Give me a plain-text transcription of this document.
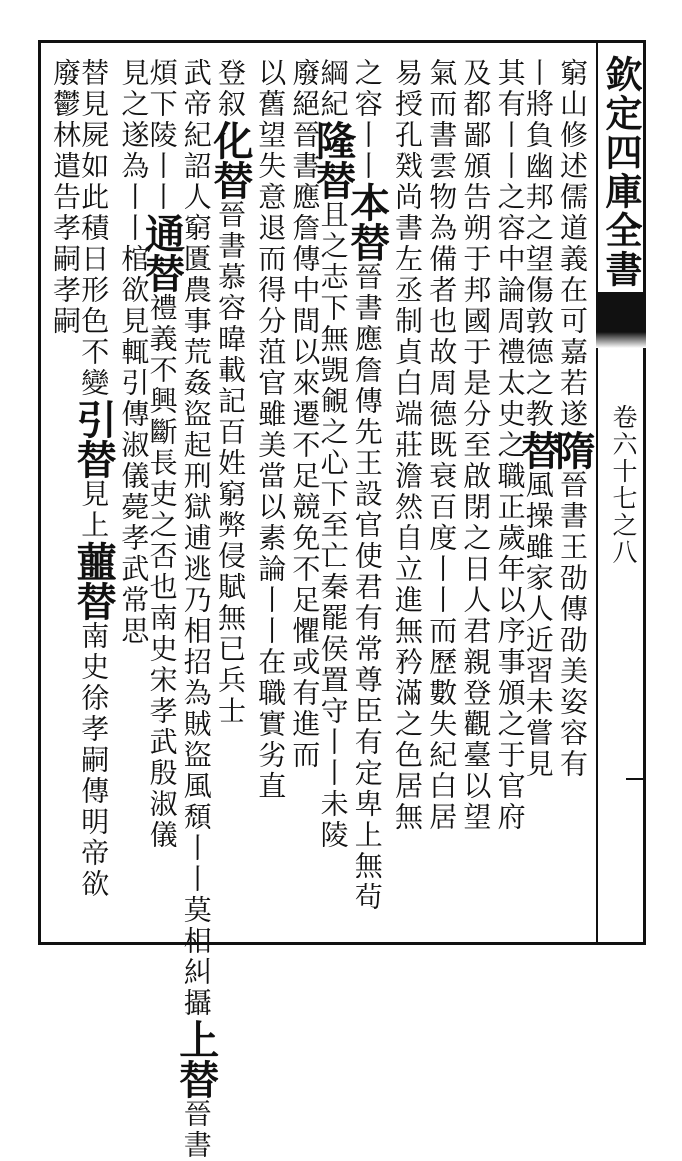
欽定四庫全書
卷六十七之八
窮山修述儒道義在可嘉若遂隋晉書王劭傳劭美姿容有
丨將負幽邦之望傷敦德之教替風操雖家人近習未嘗見
其有丨丨之容中論周禮太史之職正歲年以序事頒之于官府
及都鄙頒告朔于邦國于是分至啟閉之日人君親登觀臺以望
氣而書雲物為備者也故周德既衰百度丨丨而歷數失紀白居
易授孔戣尚書左丞制貞白端莊澹然自立進無矜滿之色居無
之容丨丨本替晉書應詹傳先王設官使君有常尊臣有定卑上無茍
綱紀隆替且之志下無覬覦之心下至亡秦罷侯置守丨丨未陵
廢絕晉書應詹傳中間以來遷不足競免不足懼或有進而
以舊望失意退而得分菹官雖美當以素論丨丨在職實劣直
登叙化替晉書慕容暐載記百姓窮弊侵賦無已兵士
武帝紀詔人窮匱農事荒姦盜起刑獄逋逃乃相招為賊盜風頹丨丨莫相糾攝上替晉書
煩下陵丨丨通替禮義不興斷長吏之否也南史宋孝武殷淑儀
見之遂為丨丨棺欲見輒引傳淑儀薨孝武常思
替見屍如此積日形色不變引替見上蘁替南史徐孝嗣傳明帝欲
廢鬱林遣告孝嗣孝嗣
